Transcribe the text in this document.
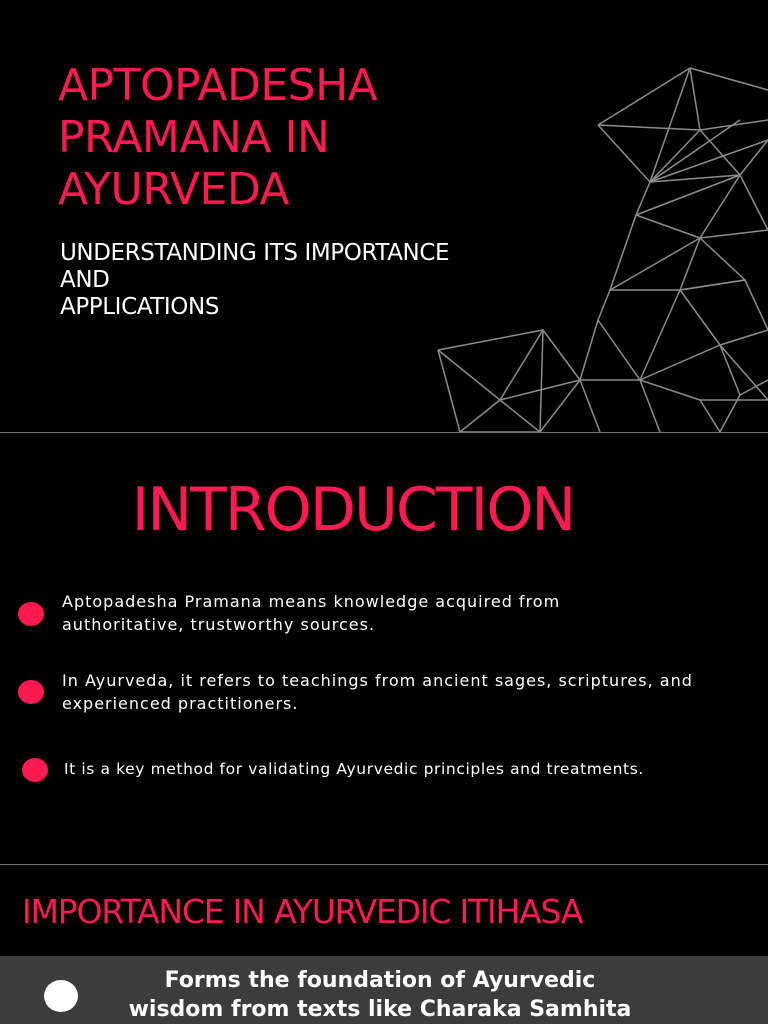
APTOPADESHA
PRAMANA IN
AYURVEDA
UNDERSTANDING ITS IMPORTANCE
AND
APPLICATIONS
INTRODUCTION

Aptopadesha Pramana means knowledge acquired from authoritative, trustworthy sources.

In Ayurveda, it refers to teachings from ancient sages, scriptures, and experienced practitioners.

It is a key method for validating Ayurvedic principles and treatments.

IMPORTANCE IN AYURVEDIC ITIHASA

Forms the foundation of Ayurvedic
wisdom from texts like Charaka Samhita
